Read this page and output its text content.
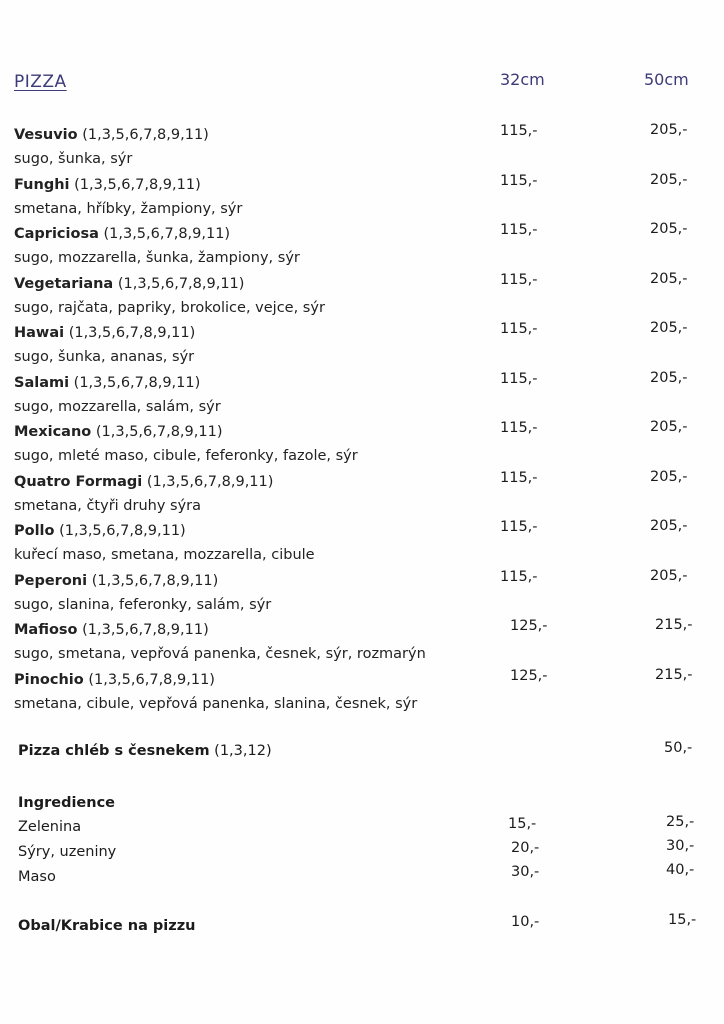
PIZZA	32cm	50cm
Vesuvio (1,3,5,6,7,8,9,11)
sugo, šunka, sýr
115,-	205,-
Funghi (1,3,5,6,7,8,9,11)
smetana, hříbky, žampiony, sýr
115,-	205,-
Capriciosa (1,3,5,6,7,8,9,11)
sugo, mozzarella, šunka, žampiony, sýr
115,-	205,-
Vegetariana (1,3,5,6,7,8,9,11)
sugo, rajčata, papriky, brokolice, vejce, sýr
115,-	205,-
Hawai (1,3,5,6,7,8,9,11)
sugo, šunka, ananas, sýr
115,-	205,-
Salami (1,3,5,6,7,8,9,11)
sugo, mozzarella, salám, sýr
115,-	205,-
Mexicano (1,3,5,6,7,8,9,11)
sugo, mleté maso, cibule, feferonky, fazole, sýr
115,-	205,-
Quatro Formagi (1,3,5,6,7,8,9,11)
smetana, čtyři druhy sýra
115,-	205,-
Pollo (1,3,5,6,7,8,9,11)
kuřecí maso, smetana, mozzarella, cibule
115,-	205,-
Peperoni (1,3,5,6,7,8,9,11)
sugo, slanina, feferonky, salám, sýr
115,-	205,-
Mafioso (1,3,5,6,7,8,9,11)
sugo, smetana, vepřová panenka, česnek, sýr, rozmarýn
125,-	215,-
Pinochio (1,3,5,6,7,8,9,11)
smetana, cibule, vepřová panenka, slanina, česnek, sýr
125,-	215,-
Pizza chléb s česnekem (1,3,12)	50,-
Ingredience
Zelenina	15,-	25,-
Sýry, uzeniny	20,-	30,-
Maso	30,-	40,-
Obal/Krabice na pizzu	10,-	15,-
